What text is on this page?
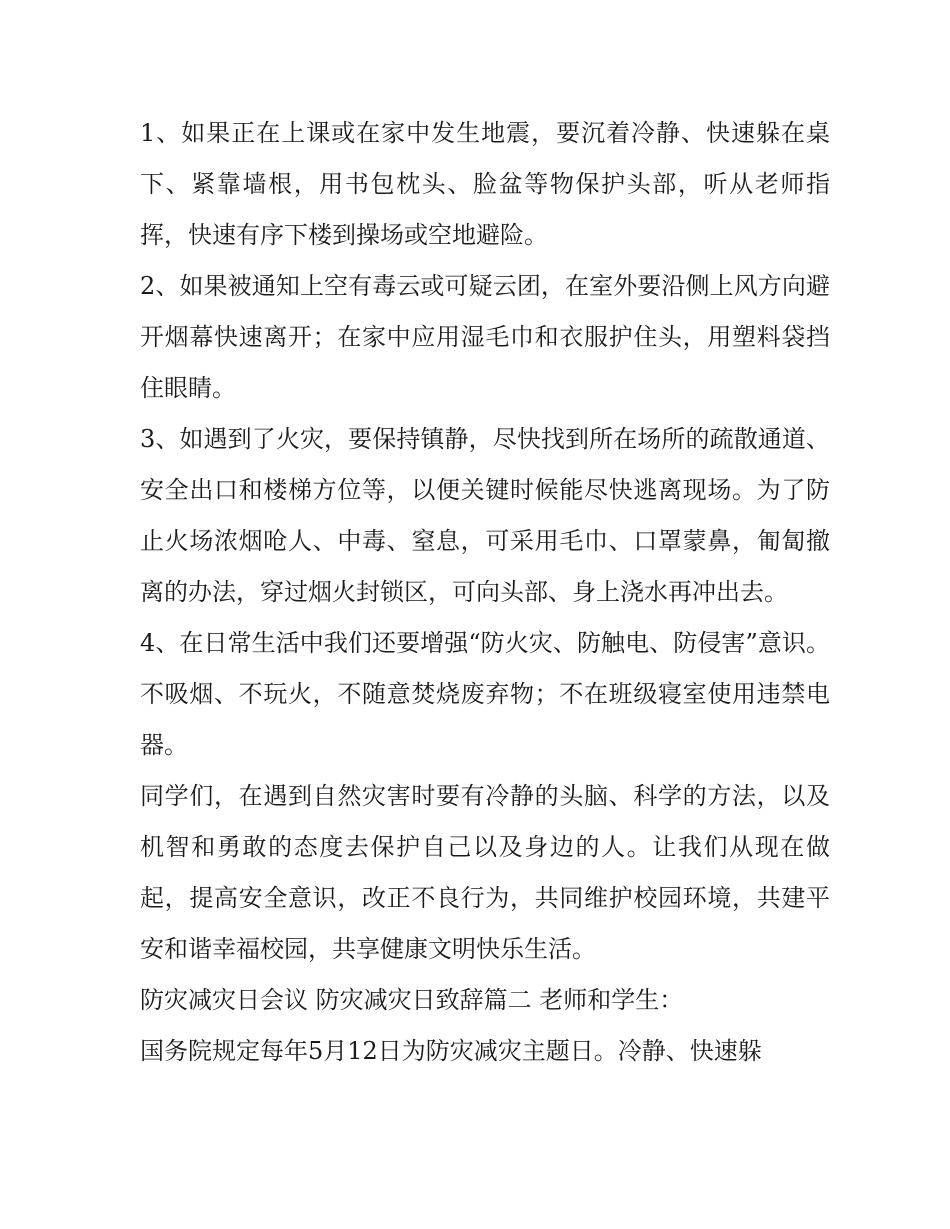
1、如果正在上课或在家中发生地震，要沉着冷静、快速躲在桌下、紧靠墙根，用书包枕头、脸盆等物保护头部，听从老师指挥，快速有序下楼到操场或空地避险。

2、如果被通知上空有毒云或可疑云团，在室外要沿侧上风方向避开烟幕快速离开；在家中应用湿毛巾和衣服护住头，用塑料袋挡住眼睛。

3、如遇到了火灾，要保持镇静，尽快找到所在场所的疏散通道、安全出口和楼梯方位等，以便关键时候能尽快逃离现场。为了防止火场浓烟呛人、中毒、窒息，可采用毛巾、口罩蒙鼻，匍匐撤离的办法，穿过烟火封锁区，可向头部、身上浇水再冲出去。

4、在日常生活中我们还要增强“防火灾、防触电、防侵害”意识。不吸烟、不玩火，不随意焚烧废弃物；不在班级寝室使用违禁电器。

同学们，在遇到自然灾害时要有冷静的头脑、科学的方法，以及机智和勇敢的态度去保护自己以及身边的人。让我们从现在做起，提高安全意识，改正不良行为，共同维护校园环境，共建平安和谐幸福校园，共享健康文明快乐生活。

防灾减灾日会议 防灾减灾日致辞篇二 老师和学生：

国务院规定每年5月12日为防灾减灾主题日。冷静、快速躲
